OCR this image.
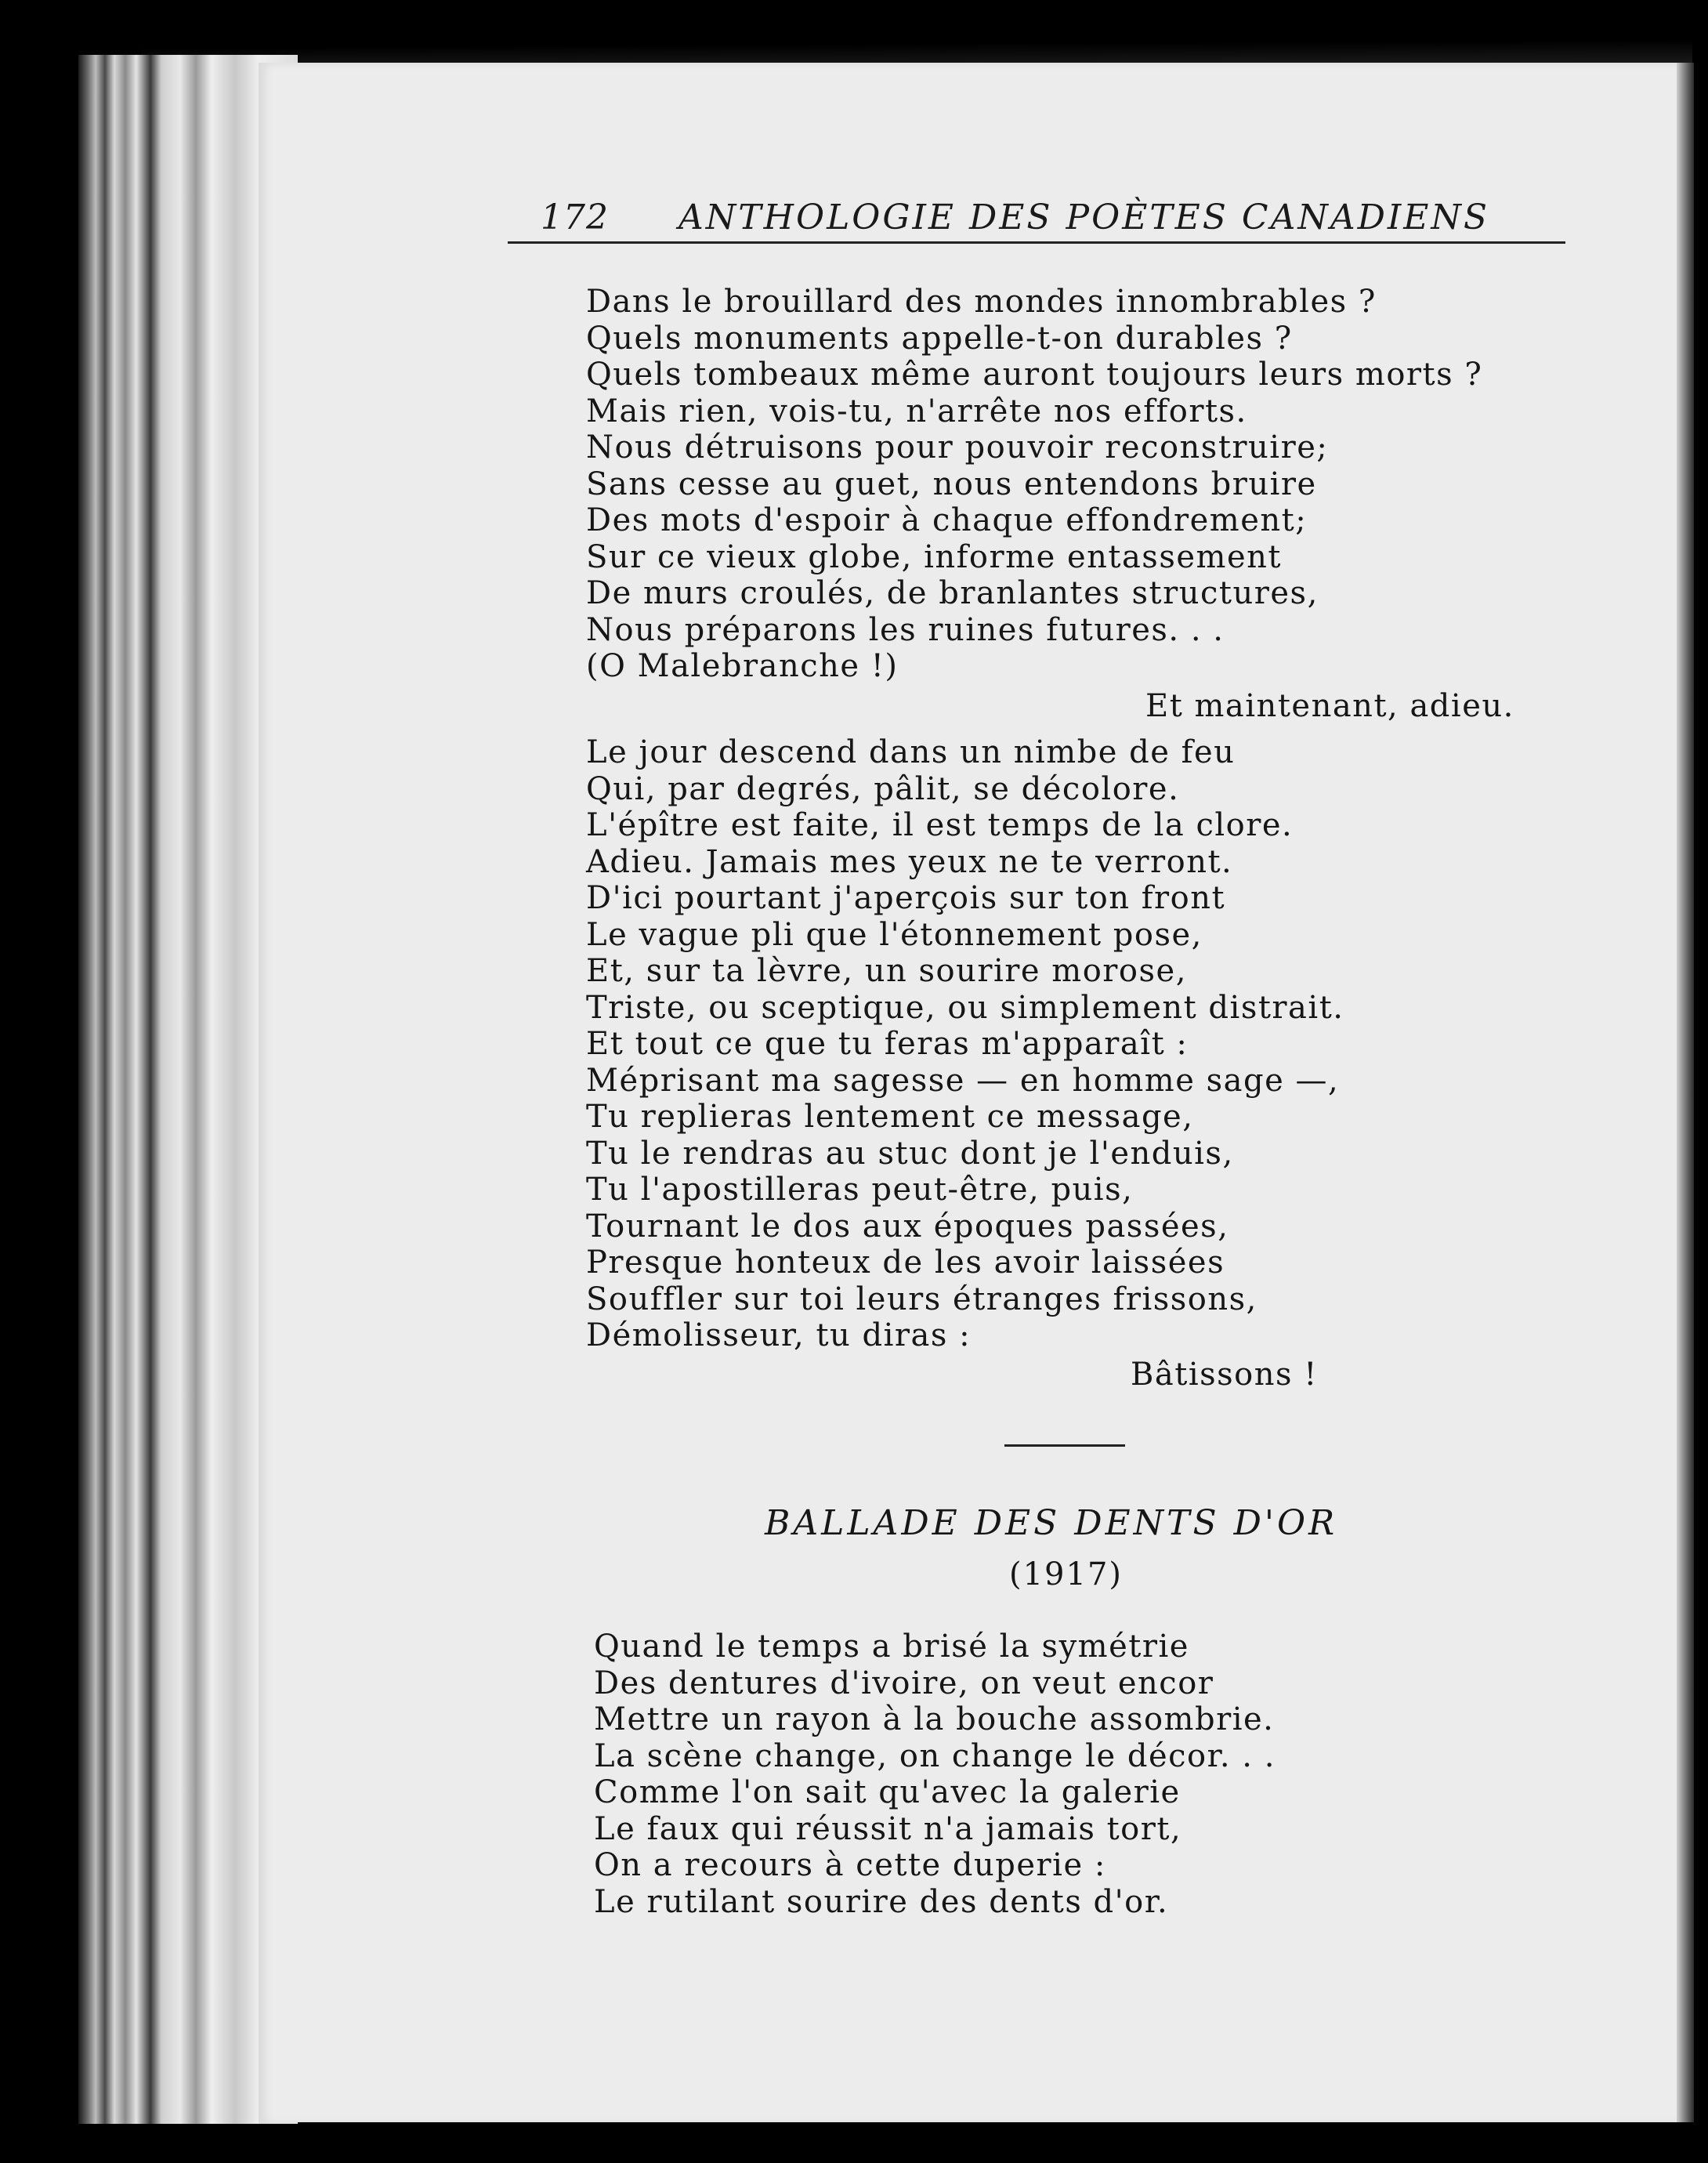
172 ANTHOLOGIE DES POÈTES CANADIENS
Dans le brouillard des mondes innombrables ?
Quels monuments appelle-t-on durables ?
Quels tombeaux même auront toujours leurs morts ?
Mais rien, vois-tu, n'arrête nos efforts.
Nous détruisons pour pouvoir reconstruire;
Sans cesse au guet, nous entendons bruire
Des mots d'espoir à chaque effondrement;
Sur ce vieux globe, informe entassement
De murs croulés, de branlantes structures,
Nous préparons les ruines futures. . .
(O Malebranche !)
Et maintenant, adieu.
Le jour descend dans un nimbe de feu
Qui, par degrés, pâlit, se décolore.
L'épître est faite, il est temps de la clore.
Adieu. Jamais mes yeux ne te verront.
D'ici pourtant j'aperçois sur ton front
Le vague pli que l'étonnement pose,
Et, sur ta lèvre, un sourire morose,
Triste, ou sceptique, ou simplement distrait.
Et tout ce que tu feras m'apparaît :
Méprisant ma sagesse — en homme sage —,
Tu replieras lentement ce message,
Tu le rendras au stuc dont je l'enduis,
Tu l'apostilleras peut-être, puis,
Tournant le dos aux époques passées,
Presque honteux de les avoir laissées
Souffler sur toi leurs étranges frissons,
Démolisseur, tu diras :
Bâtissons !
BALLADE DES DENTS D'OR
(1917)
Quand le temps a brisé la symétrie
Des dentures d'ivoire, on veut encor
Mettre un rayon à la bouche assombrie.
La scène change, on change le décor. . .
Comme l'on sait qu'avec la galerie
Le faux qui réussit n'a jamais tort,
On a recours à cette duperie :
Le rutilant sourire des dents d'or.
